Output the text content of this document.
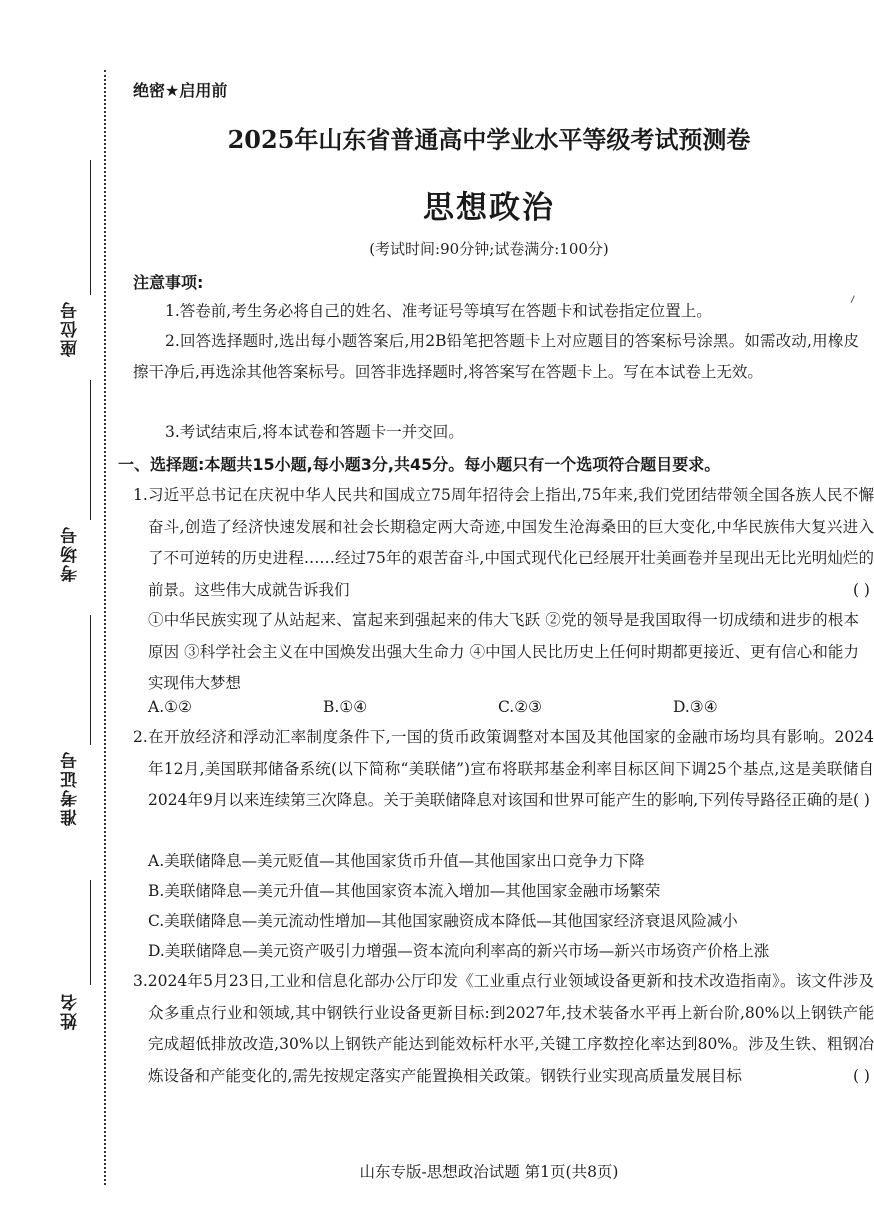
座位号
考场号
准考证号
姓名
绝密★启用前
2025年山东省普通高中学业水平等级考试预测卷
思想政治
(考试时间:90分钟;试卷满分:100分)
注意事项:
1.答卷前,考生务必将自己的姓名、准考证号等填写在答题卡和试卷指定位置上。
2.回答选择题时,选出每小题答案后,用2B铅笔把答题卡上对应题目的答案标号涂黑。如需改动,用橡皮擦干净后,再选涂其他答案标号。回答非选择题时,将答案写在答题卡上。写在本试卷上无效。
3.考试结束后,将本试卷和答题卡一并交回。
一、选择题:本题共15小题,每小题3分,共45分。每小题只有一个选项符合题目要求。
1.习近平总书记在庆祝中华人民共和国成立75周年招待会上指出,75年来,我们党团结带领全国各族人民不懈奋斗,创造了经济快速发展和社会长期稳定两大奇迹,中国发生沧海桑田的巨大变化,中华民族伟大复兴进入了不可逆转的历史进程……经过75年的艰苦奋斗,中国式现代化已经展开壮美画卷并呈现出无比光明灿烂的前景。这些伟大成就告诉我们	( )
①中华民族实现了从站起来、富起来到强起来的伟大飞跃 ②党的领导是我国取得一切成绩和进步的根本原因 ③科学社会主义在中国焕发出强大生命力 ④中国人民比历史上任何时期都更接近、更有信心和能力实现伟大梦想
A.①②	B.①④	C.②③	D.③④
2.在开放经济和浮动汇率制度条件下,一国的货币政策调整对本国及其他国家的金融市场均具有影响。2024年12月,美国联邦储备系统(以下简称“美联储”)宣布将联邦基金利率目标区间下调25个基点,这是美联储自2024年9月以来连续第三次降息。关于美联储降息对该国和世界可能产生的影响,下列传导路径正确的是 ( )
A.美联储降息—美元贬值—其他国家货币升值—其他国家出口竞争力下降
B.美联储降息—美元升值—其他国家资本流入增加—其他国家金融市场繁荣
C.美联储降息—美元流动性增加—其他国家融资成本降低—其他国家经济衰退风险减小
D.美联储降息—美元资产吸引力增强—资本流向利率高的新兴市场—新兴市场资产价格上涨
3.2024年5月23日,工业和信息化部办公厅印发《工业重点行业领域设备更新和技术改造指南》。该文件涉及众多重点行业和领域,其中钢铁行业设备更新目标:到2027年,技术装备水平再上新台阶,80%以上钢铁产能完成超低排放改造,30%以上钢铁产能达到能效标杆水平,关键工序数控化率达到80%。涉及生铁、粗钢冶炼设备和产能变化的,需先按规定落实产能置换相关政策。钢铁行业实现高质量发展目标	( )
山东专版-思想政治试题 第1页(共8页)
